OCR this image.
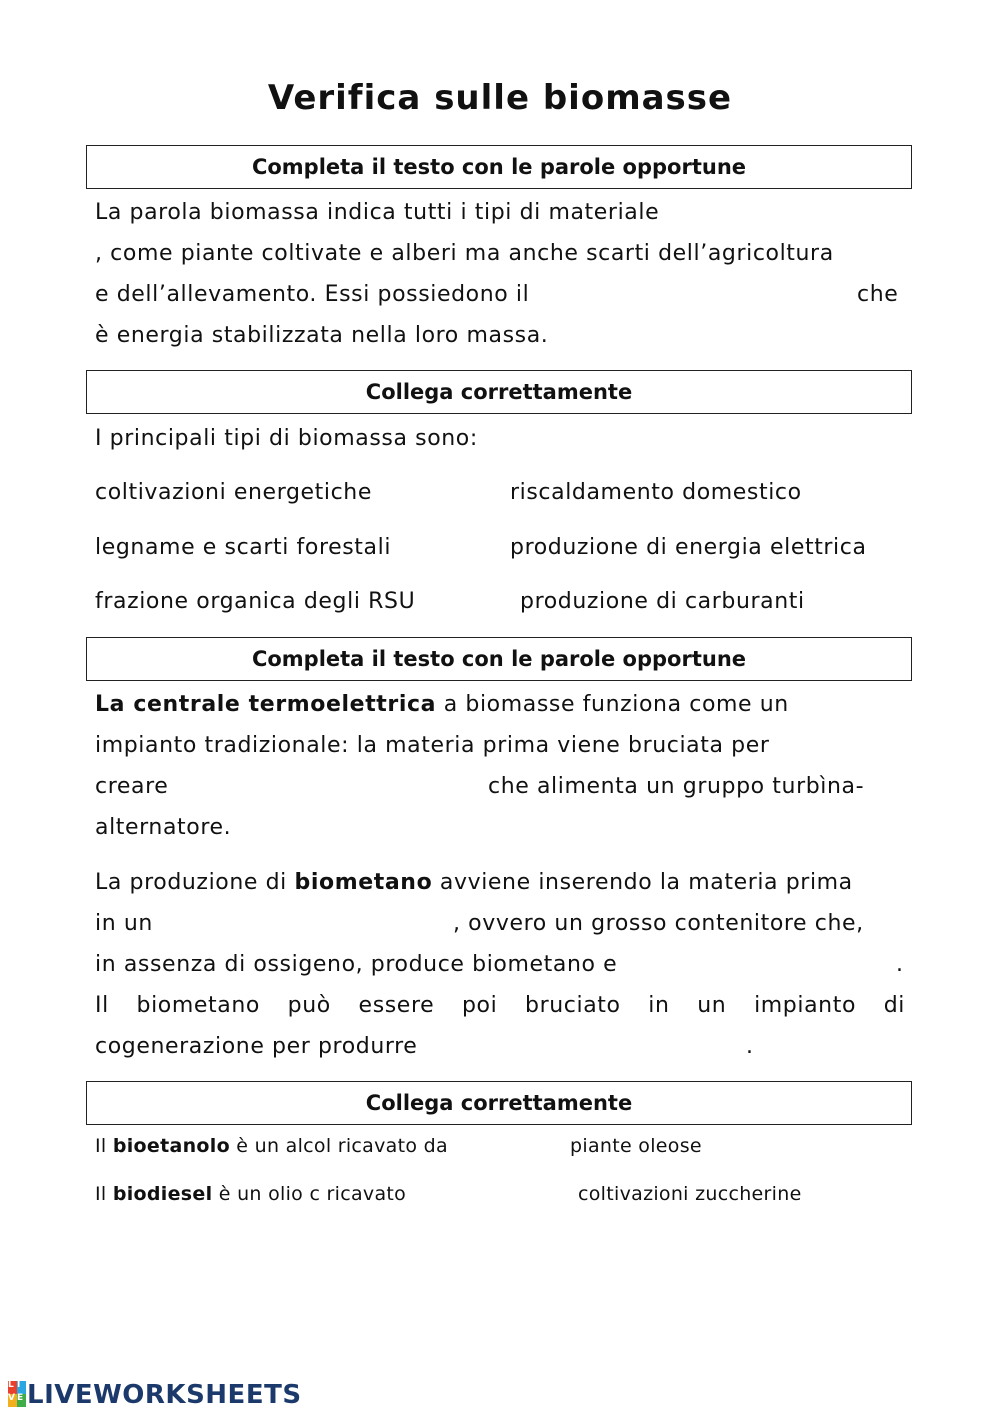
Verifica sulle biomasse
Completa il testo con le parole opportune
La parola biomassa indica tutti i tipi di materiale
, come piante coltivate e alberi ma anche scarti dell’agricoltura
e dell’allevamento. Essi possiedono il	che
è energia stabilizzata nella loro massa.
Collega correttamente
I principali tipi di biomassa sono:
coltivazioni energetiche	riscaldamento domestico
legname e scarti forestali	produzione di energia elettrica
frazione organica degli RSU	produzione di carburanti
Completa il testo con le parole opportune
La centrale termoelettrica a biomasse funziona come un
impianto tradizionale: la materia prima viene bruciata per
creare	che alimenta un gruppo turbìna-
alternatore.
La produzione di biometano avviene inserendo la materia prima
in un	, ovvero un grosso contenitore che,
in assenza di ossigeno, produce biometano e	.
Il biometano può essere poi bruciato in un impianto di
cogenerazione per produrre	.
Collega correttamente
Il bioetanolo è un alcol ricavato da	piante oleose
Il biodiesel è un olio c ricavato	coltivazioni zuccherine
L I
V E LIVEWORKSHEETS
